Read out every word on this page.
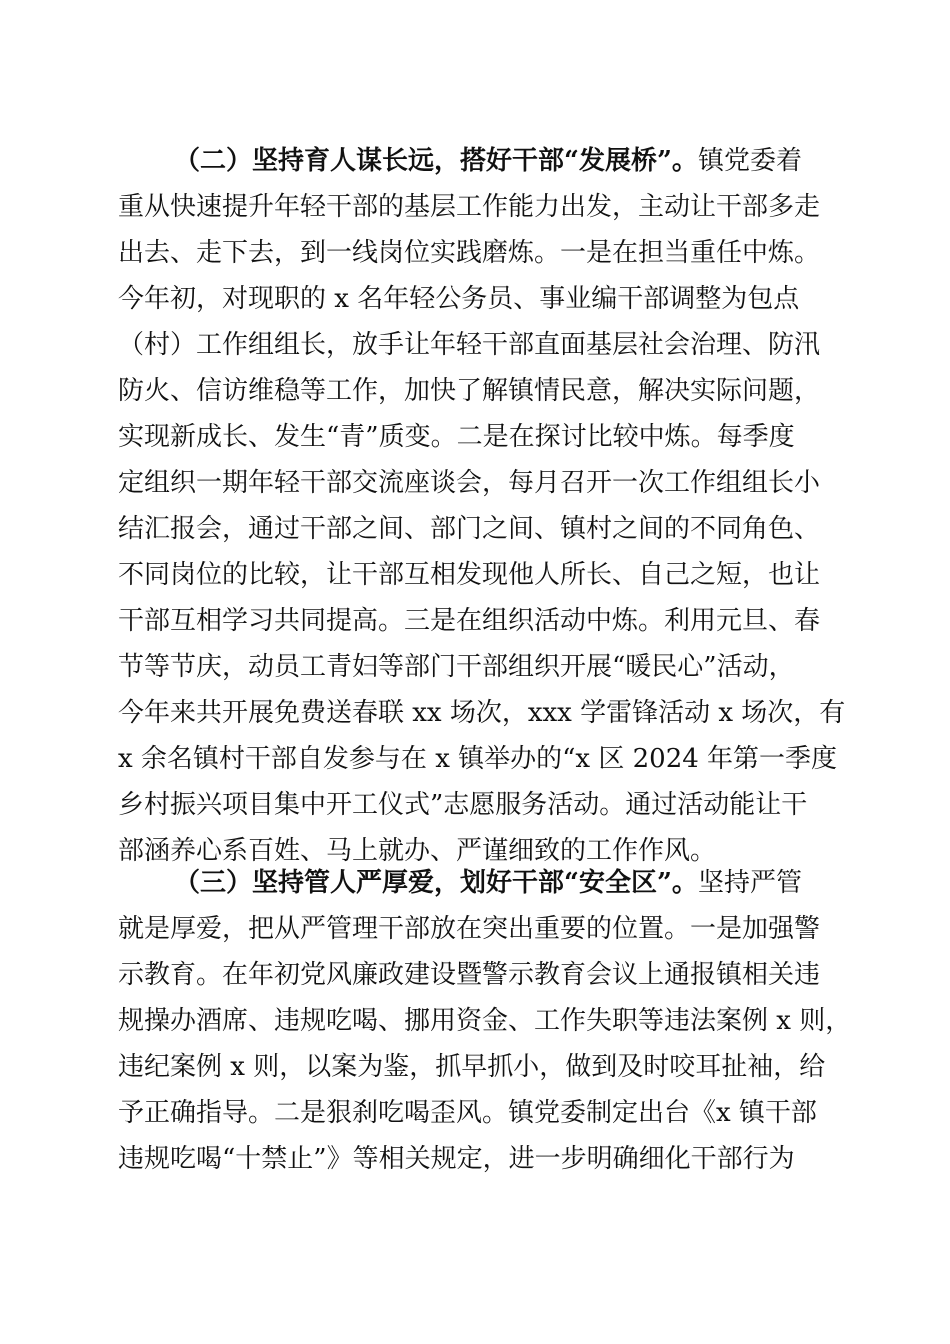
（二）坚持育人谋长远，搭好干部“发展桥”。 镇党委着
重从快速提升年轻干部的基层工作能力出发，主动让干部多走
出去、走下去，到一线岗位实践磨炼。一是在担当重任中炼。
今年初，对现职的 x 名年轻公务员、事业编干部调整为包点
（村）工作组组长，放手让年轻干部直面基层社会治理、防汛
防火、信访维稳等工作，加快了解镇情民意，解决实际问题，
实现新成长、发生“青”质变。二是在探讨比较中炼。每季度
定组织一期年轻干部交流座谈会，每月召开一次工作组组长小
结汇报会，通过干部之间、部门之间、镇村之间的不同角色、
不同岗位的比较，让干部互相发现他人所长、自己之短，也让
干部互相学习共同提高。三是在组织活动中炼。利用元旦、春
节等节庆，动员工青妇等部门干部组织开展“暖民心”活动，
今年来共开展免费送春联 xx 场次，xxx 学雷锋活动 x 场次，有
x 余名镇村干部自发参与在 x 镇举办的“x 区 2024 年第一季度
乡村振兴项目集中开工仪式”志愿服务活动。通过活动能让干
部涵养心系百姓、马上就办、严谨细致的工作作风。
（三）坚持管人严厚爱，划好干部“安全区”。 坚持严管
就是厚爱，把从严管理干部放在突出重要的位置。一是加强警
示教育。在年初党风廉政建设暨警示教育会议上通报镇相关违
规操办酒席、违规吃喝、挪用资金、工作失职等违法案例 x 则，
违纪案例 x 则，以案为鉴，抓早抓小，做到及时咬耳扯袖，给
予正确指导。二是狠刹吃喝歪风。镇党委制定出台《x 镇干部
违规吃喝“十禁止”》等相关规定，进一步明确细化干部行为
